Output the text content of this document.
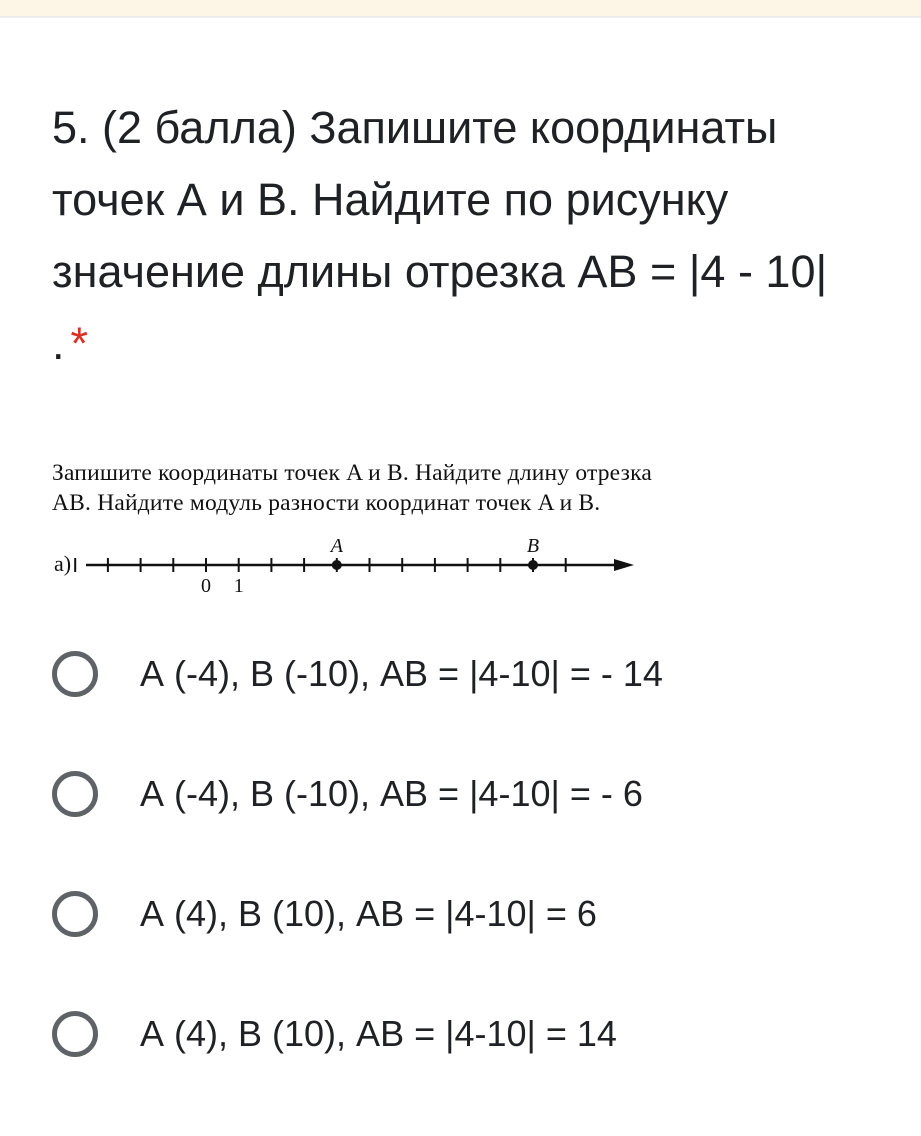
5. (2 балла) Запишите координаты точек А и В. Найдите по рисунку значение длины отрезка АВ = |4 - 10| . *

Запишите координаты точек A и B. Найдите длину отрезка

AB. Найдите модуль разности координат точек A и B.

а)
A	B
0 1
А (-4), В (-10), АВ = |4-10| = - 14
А (-4), В (-10), АВ = |4-10| = - 6
А (4), В (10), АВ = |4-10| = 6
А (4), В (10), АВ = |4-10| = 14
